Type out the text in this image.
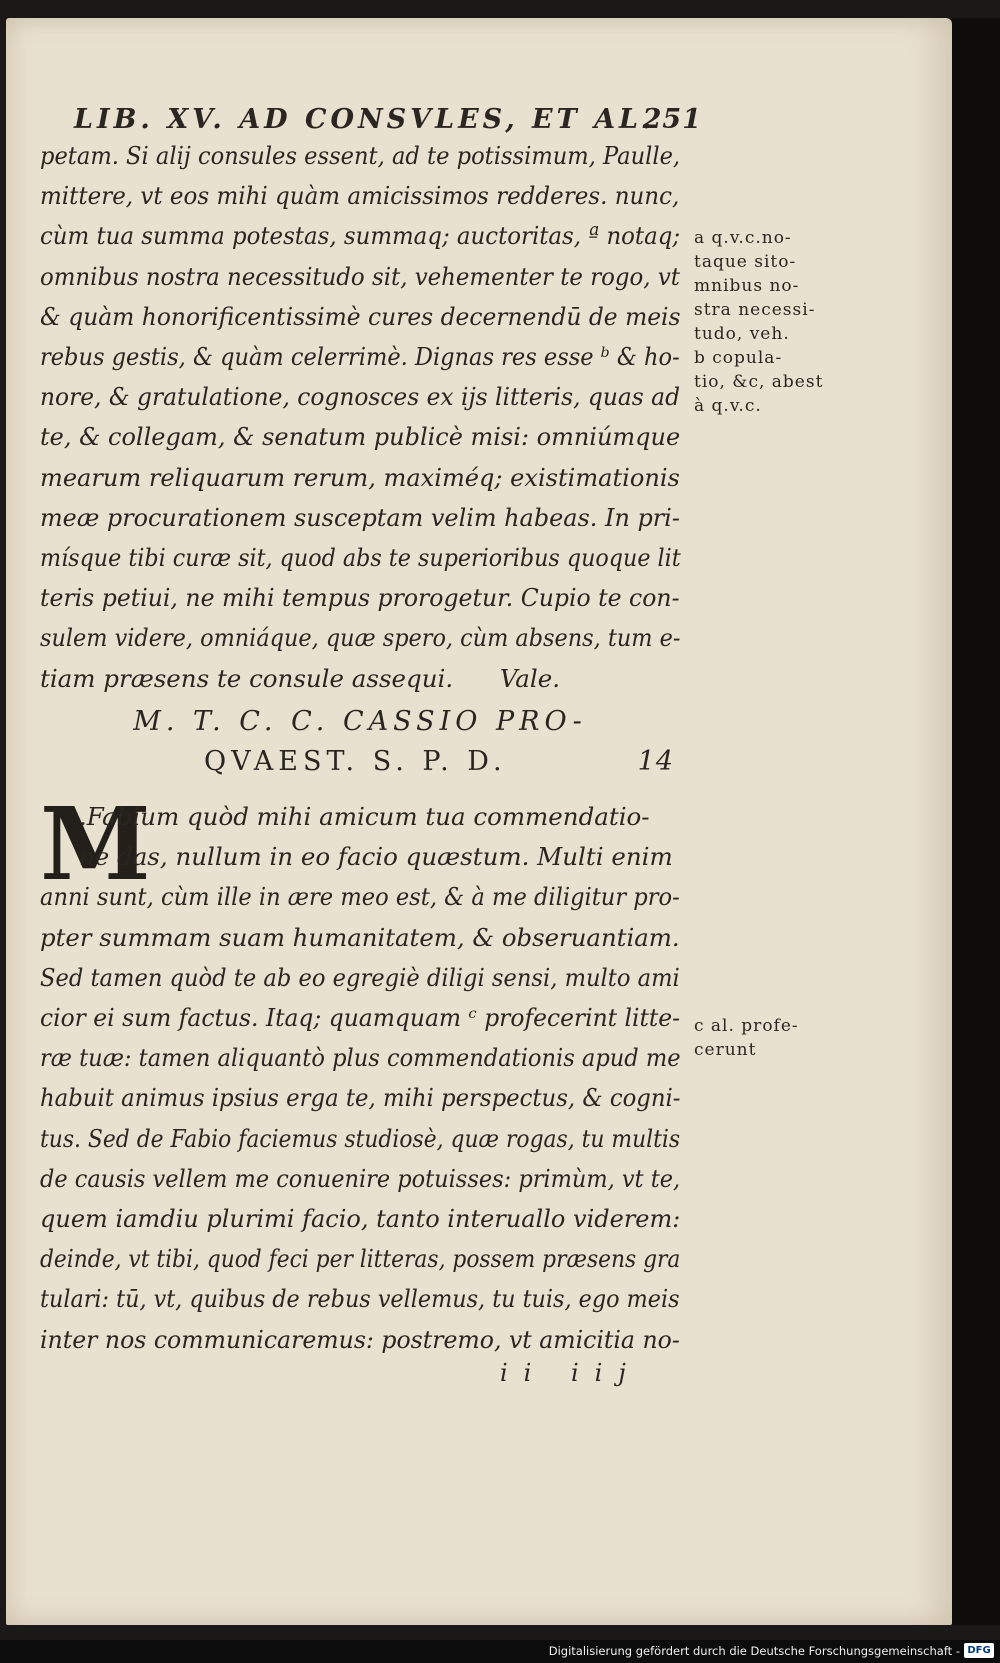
LIB. XV. AD CONSVLES, ET AL.
251
petam. Si alij consules essent, ad te potissimum, Paulle,
mittere, vt eos mihi quàm amicissimos redderes. nunc,
cùm tua summa potestas, summaq; auctoritas, ª notaq;
omnibus nostra necessitudo sit, vehementer te rogo, vt
& quàm honorificentissimè cures decernendū de meis
rebus gestis, & quàm celerrimè. Dignas res esse ᵇ & ho-
nore, & gratulatione, cognosces ex ijs litteris, quas ad
te, & collegam, & senatum publicè misi: omniúmque
mearum reliquarum rerum, maximéq; existimationis
meæ procurationem susceptam velim habeas. In pri-
mísque tibi curæ sit, quod abs te superioribus quoque lit
teris petiui, ne mihi tempus prorogetur. Cupio te con-
sulem videre, omniáque, quæ spero, cùm absens, tum e-
tiam præsens te consule assequi.      Vale.
a q.v.c.no-
taque sito-
mnibus no-
stra necessi-
tudo, veh.
b copula-
tio, &c, abest
à q.v.c.
M. T. C. C. CASSIO PRO-
QVAEST. S. P. D.	14
M
.Fabium quòd mihi amicum tua commendatio-
ne das, nullum in eo facio quæstum. Multi enim
anni sunt, cùm ille in ære meo est, & à me diligitur pro-
pter summam suam humanitatem, & obseruantiam.
Sed tamen quòd te ab eo egregiè diligi sensi, multo ami
cior ei sum factus. Itaq; quamquam ᶜ profecerint litte-
ræ tuæ: tamen aliquantò plus commendationis apud me
habuit animus ipsius erga te, mihi perspectus, & cogni-
tus. Sed de Fabio faciemus studiosè, quæ rogas, tu multis
de causis vellem me conuenire potuisses: primùm, vt te,
quem iamdiu plurimi facio, tanto interuallo viderem:
deinde, vt tibi, quod feci per litteras, possem præsens gra
tulari: tū, vt, quibus de rebus vellemus, tu tuis, ego meis
inter nos communicaremus: postremo, vt amicitia no-
c al. profe-
cerunt
ii iij
Digitalisierung gefördert durch die Deutsche Forschungsgemeinschaft - DFG
